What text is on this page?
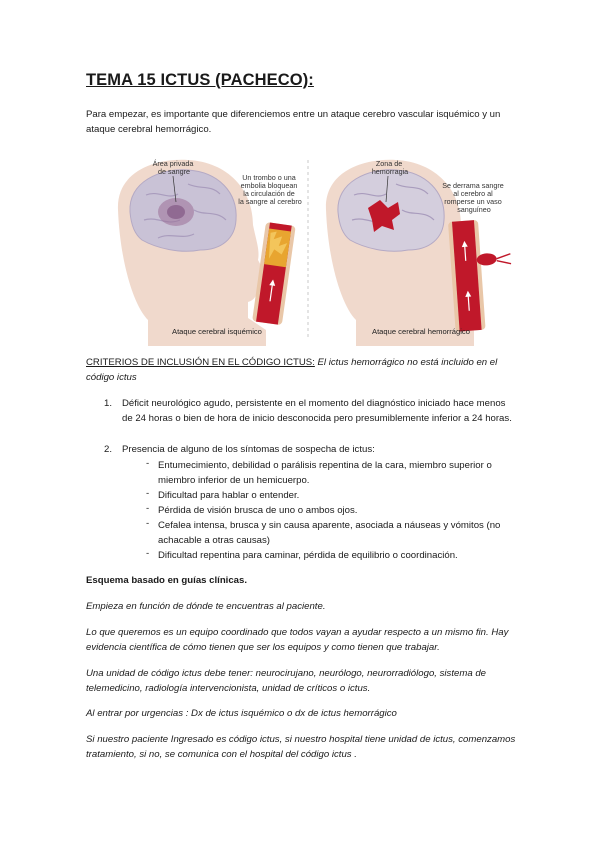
TEMA 15 ICTUS (PACHECO):

Para empezar, es importante que diferenciemos entre un ataque cerebro vascular isquémico y un ataque cerebral hemorrágico.

Área privada de sangre
Un trombo o una embolia bloquean la circulación de la sangre al cerebro
Ataque cerebral isquémico
Zona de hemorragia
Se derrama sangre al cerebro al romperse un vaso sanguíneo
Ataque cerebral hemorrágico

CRITERIOS DE INCLUSIÓN EN EL CÓDIGO ICTUS: El ictus hemorrágico no está incluido en el código ictus

1. Déficit neurológico agudo, persistente en el momento del diagnóstico iniciado hace menos de 24 horas o bien de hora de inicio desconocida pero presumiblemente inferior a 24 horas.
2. Presencia de alguno de los síntomas de sospecha de ictus:
- Entumecimiento, debilidad o parálisis repentina de la cara, miembro superior o miembro inferior de un hemicuerpo.
- Dificultad para hablar o entender.
- Pérdida de visión brusca de uno o ambos ojos.
- Cefalea intensa, brusca y sin causa aparente, asociada a náuseas y vómitos (no achacable a otras causas)
- Dificultad repentina para caminar, pérdida de equilibrio o coordinación.

Esquema basado en guías clínicas.

Empieza en función de dónde te encuentras al paciente.

Lo que queremos es un equipo coordinado que todos vayan a ayudar respecto a un mismo fin. Hay evidencia científica de cómo tienen que ser los equipos y como tienen que trabajar.

Una unidad de código ictus debe tener: neurocirujano, neurólogo, neurorradiólogo, sistema de telemedicino, radiología intervencionista, unidad de críticos o ictus.

Al entrar por urgencias : Dx de ictus isquémico o dx de ictus hemorrágico

Si nuestro paciente Ingresado es código ictus, si nuestro hospital tiene unidad de ictus, comenzamos tratamiento, si no, se comunica con el hospital del código ictus .
